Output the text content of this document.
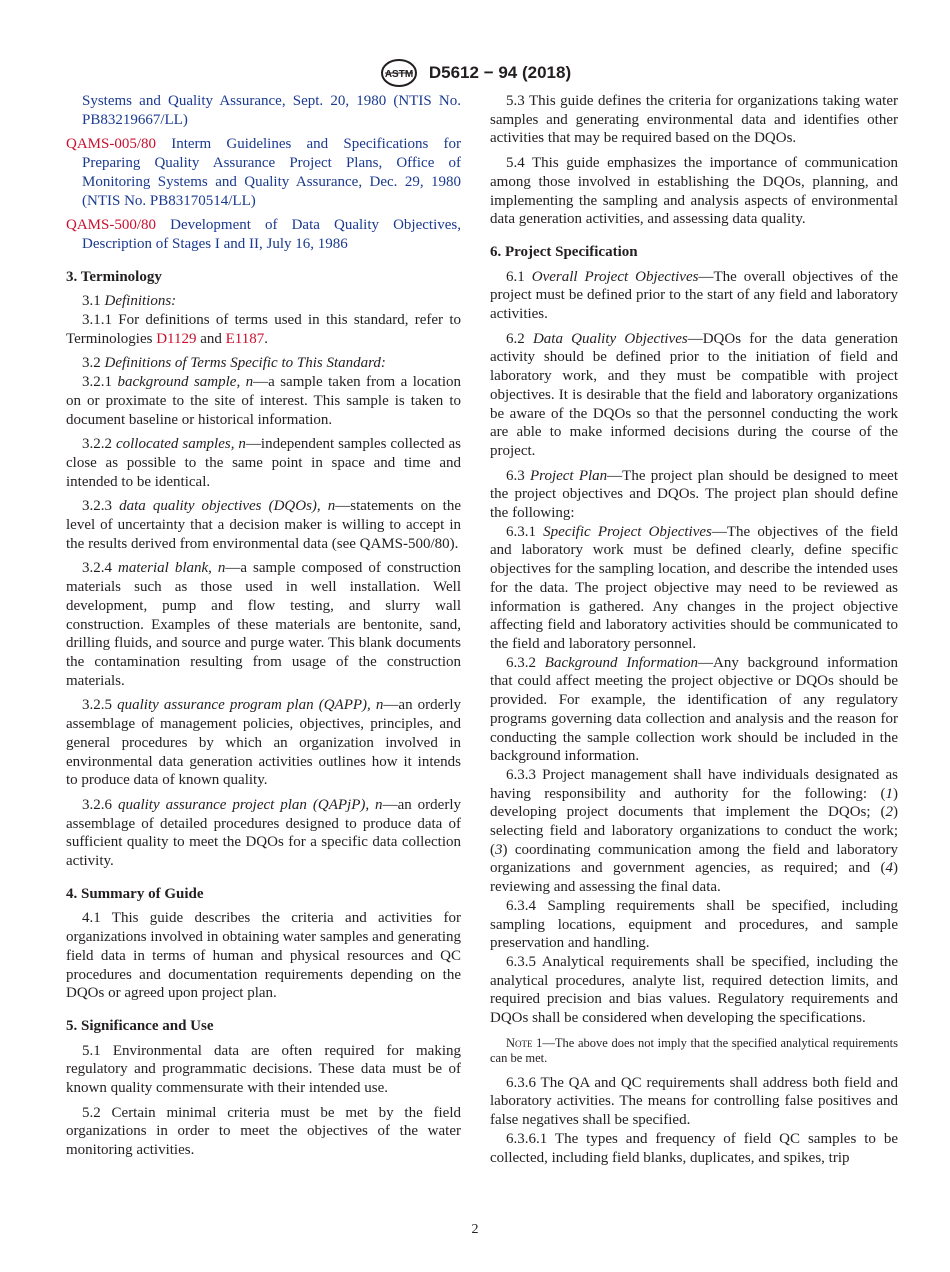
ASTM D5612 − 94 (2018)

Systems and Quality Assurance, Sept. 20, 1980 (NTIS No. PB83219667/LL)

QAMS-005/80 Interm Guidelines and Specifications for Preparing Quality Assurance Project Plans, Office of Monitoring Systems and Quality Assurance, Dec. 29, 1980 (NTIS No. PB83170514/LL)

QAMS-500/80 Development of Data Quality Objectives, Description of Stages I and II, July 16, 1986

3. Terminology

3.1 Definitions:

3.1.1 For definitions of terms used in this standard, refer to Terminologies D1129 and E1187.

3.2 Definitions of Terms Specific to This Standard:

3.2.1 background sample, n—a sample taken from a location on or proximate to the site of interest. This sample is taken to document baseline or historical information.

3.2.2 collocated samples, n—independent samples collected as close as possible to the same point in space and time and intended to be identical.

3.2.3 data quality objectives (DQOs), n—statements on the level of uncertainty that a decision maker is willing to accept in the results derived from environmental data (see QAMS-500/80).

3.2.4 material blank, n—a sample composed of construction materials such as those used in well installation. Well development, pump and flow testing, and slurry wall construction. Examples of these materials are bentonite, sand, drilling fluids, and source and purge water. This blank documents the contamination resulting from usage of the construction materials.

3.2.5 quality assurance program plan (QAPP), n—an orderly assemblage of management policies, objectives, principles, and general procedures by which an organization involved in environmental data generation activities outlines how it intends to produce data of known quality.

3.2.6 quality assurance project plan (QAPjP), n—an orderly assemblage of detailed procedures designed to produce data of sufficient quality to meet the DQOs for a specific data collection activity.

4. Summary of Guide

4.1 This guide describes the criteria and activities for organizations involved in obtaining water samples and generating field data in terms of human and physical resources and QC procedures and documentation requirements depending on the DQOs or agreed upon project plan.

5. Significance and Use

5.1 Environmental data are often required for making regulatory and programmatic decisions. These data must be of known quality commensurate with their intended use.

5.2 Certain minimal criteria must be met by the field organizations in order to meet the objectives of the water monitoring activities.

5.3 This guide defines the criteria for organizations taking water samples and generating environmental data and identifies other activities that may be required based on the DQOs.

5.4 This guide emphasizes the importance of communication among those involved in establishing the DQOs, planning, and implementing the sampling and analysis aspects of environmental data generation activities, and assessing data quality.

6. Project Specification

6.1 Overall Project Objectives—The overall objectives of the project must be defined prior to the start of any field and laboratory activities.

6.2 Data Quality Objectives—DQOs for the data generation activity should be defined prior to the initiation of field and laboratory work, and they must be compatible with project objectives. It is desirable that the field and laboratory organizations be aware of the DQOs so that the personnel conducting the work are able to make informed decisions during the course of the project.

6.3 Project Plan—The project plan should be designed to meet the project objectives and DQOs. The project plan should define the following:

6.3.1 Specific Project Objectives—The objectives of the field and laboratory work must be defined clearly, define specific objectives for the sampling location, and describe the intended uses for the data. The project objective may need to be reviewed as information is gathered. Any changes in the project objective affecting field and laboratory activities should be communicated to the field and laboratory personnel.

6.3.2 Background Information—Any background information that could affect meeting the project objective or DQOs should be provided. For example, the identification of any regulatory programs governing data collection and analysis and the reason for conducting the sample collection work should be included in the background information.

6.3.3 Project management shall have individuals designated as having responsibility and authority for the following: (1) developing project documents that implement the DQOs; (2) selecting field and laboratory organizations to conduct the work; (3) coordinating communication among the field and laboratory organizations and government agencies, as required; and (4) reviewing and assessing the final data.

6.3.4 Sampling requirements shall be specified, including sampling locations, equipment and procedures, and sample preservation and handling.

6.3.5 Analytical requirements shall be specified, including the analytical procedures, analyte list, required detection limits, and required precision and bias values. Regulatory requirements and DQOs shall be considered when developing the specifications.

Note 1—The above does not imply that the specified analytical requirements can be met.

6.3.6 The QA and QC requirements shall address both field and laboratory activities. The means for controlling false positives and false negatives shall be specified.

6.3.6.1 The types and frequency of field QC samples to be collected, including field blanks, duplicates, and spikes, trip

2
